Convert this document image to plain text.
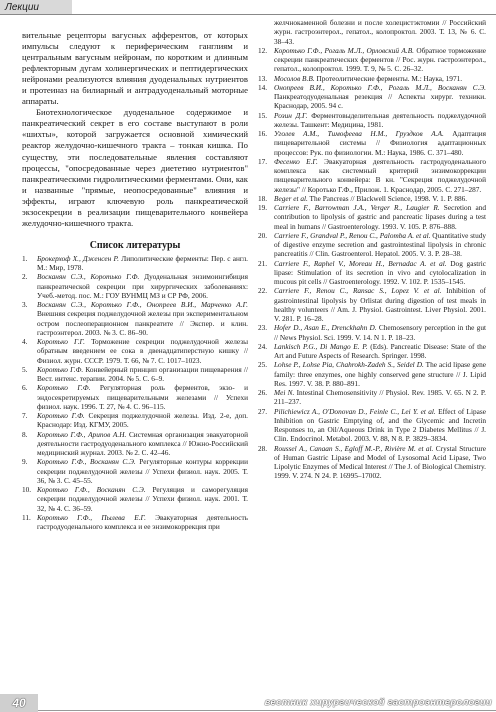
Лекции

вительные рецепторы вагусных афферентов, от которых импульсы следуют к периферическим ганглиям и центральным вагусным нейронам, по коротким и длинным рефлекторным дугам холинергических и пептидергических нейронами реализуются влияния дуоденальных нутриентов и протеиназ на билиарный и антрадуоденальный моторные аппараты.

Биотехнологическое дуоденальное содержимое и панкреатический секрет в его составе выступают в роли «шихты», которой загружается основной химический реактор желудочно-кишечного тракта – тонкая кишка. По существу, эти последовательные явления составляют процессы, "опосредованные через диететию нутриентов" панкреатическими гидролитическими ферментами. Они, как и названные "прямые, неопосредованные" влияния и эффекты, играют ключевую роль панкреатической экзосекреции в реализации пищеварительного конвейера желудочно-кишечного тракта.

Список литературы
1. Брокерхоф Х., Дженсен Р. Липолитические ферменты: Пер. с англ. М.: Мир, 1978.
2. Восканян С.Э., Коротько Г.Ф. Дуоденальная энзимоингибиция панкреатической секреции при хирургических заболеваниях: Учеб.-метод. пос. М.: ГОУ ВУНМЦ МЗ и СР РФ, 2006.
3. Восканян С.Э., Коротько Г.Ф., Онопреев В.И., Марченко А.Г. Внешняя секреция поджелудочной железы при экспериментальном остром послеоперационном панкреатите // Экспер. и клин. гастроэнтерол. 2003. № 3. С. 86–90.
4. Коротько Г.Г. Торможение секреции поджелудочной железы обратным введением ее сока в двенадцатиперстную кишку // Физиол. журн. СССР. 1979. Т. 66, № 7. С. 1017–1023.
5. Коротько Г.Ф. Конвейерный принцип организации пищеварения // Вест. интенс. терапии. 2004. № 5. С. 6–9.
6. Коротько Г.Ф. Регуляторная роль ферментов, экзо- и эндосекретируемых пищеварительными железами // Успехи физиол. наук. 1996. Т. 27, № 4. С. 96–115.
7. Коротько Г.Ф. Секреция поджелудочной железы. Изд. 2-е, доп. Краснодар: Изд. КГМУ, 2005.
8. Коротько Г.Ф., Арипов А.Н. Системная организация эвакуаторной деятельности гастродуоденального комплекса // Южно-Российский медицинский журнал. 2003. № 2. С. 42–46.
9. Коротько Г.Ф., Восканян С.Э. Регуляторные контуры коррекции секреции поджелудочной железы // Успехи физиол. наук. 2005. Т. 36, № 3. С. 45–55.
10. Коротько Г.Ф., Восканян С.Э. Регуляция и саморегуляция секреции поджелудочной железы // Успехи физиол. наук. 2001. Т. 32, № 4. С. 36–59.
11. Коротько Г.Ф., Пылева Е.Г. Эвакуаторная деятельность гастродуоденального комплекса и ее энзимокоррекция при
желчнокаменной болезни и после холецистэктомии // Российский журн. гастроэнтерол., гепатол., колопроктол. 2003. Т. 13, № 6. С. 38–43.
12. Коротько Г.Ф., Рогаль М.Л., Орловский А.В. Обратное торможение секреции панкреатических ферментов // Рос. журн. гастроэнтерол., гепатол., колопроктол. 1999. Т. 9, № 5. С. 26–32.
13. Мосолов В.В. Протеолитические ферменты. М.: Наука, 1971.
14. Онопреев В.И., Коротько Г.Ф., Рогаль М.Л., Восканян С.Э. Панкреатодуоденальная резекция // Аспекты хирург. техники. Краснодар, 2005. 94 с.
15. Розин Д.Г. Ферментовыделительная деятельность поджелудочной железы. Ташкент: Медицина, 1981.
16. Уголев А.М., Тимофеева Н.М., Груздков А.А. Адаптация пищеварительной системы // Физиология адаптационных процессов: Рук. по физиологии. М.: Наука, 1986. С. 371–480.
17. Фесенко Е.Г. Эвакуаторная деятельность гастродуоденального комплекса как системный критерий энзимокоррекции пищеварительного конвейера: В кн. "Секреция поджелудочной железы" // Коротько Г.Ф., Прилож. 1. Краснодар, 2005. С. 271–287.
18. Beger et al. The Pancreas // Blackwell Science, 1998. V. 1. P. 886.
19. Carriere F., Barrowman J.A., Verger R., Laugier R. Secretion and contribution to lipolysis of gastric and pancreatic lipases during a test meal in humans // Gastroenterology. 1993. V. 105. P. 876–888.
20. Carriere F., Grandval P., Renou C., Palomba A. et al. Quantitative study of digestive enzyme secretion and gastrointestinal lipolysis in chronic pancreatitis // Clin. Gastroenterol. Hepatol. 2005. V. 3. P. 28–38.
21. Carriere F., Raphel V., Moreau H., Bernadac A. et al. Dog gastric lipase: Stimulation of its secretion in vivo and cytolocalization in mucous pit cells // Gastroenterology. 1992. V. 102. P. 1535–1545.
22. Carriere F., Renou C., Ransac S., Lopez V. et al. Inhibition of gastrointestinal lipolysis by Orlistat during digestion of test meals in healthy volunteers // Am. J. Physiol. Gastrointest. Liver Physiol. 2001. V. 281. P. 16–28.
23. Hofer D., Asan E., Drenckhahn D. Chemosensory perception in the gut // News Physiol. Sci. 1999. V. 14. N 1. P. 18–23.
24. Lankisch P.G., Di Mango E. P. (Eds). Pancreatic Disease: State of the Art and Future Aspects of Research. Springer. 1998.
25. Lohse P., Lohse Pia, Chahrokh-Zadeh S., Seidel D. The acid lipase gene family: three enzymes, one highly conserved gene structure // J. Lipid Res. 1997. V. 38. P. 880–891.
26. Mei N. Intestinal Chemosensitivity // Physiol. Rev. 1985. V. 65. N 2. P. 211–237.
27. Pilichiewicz A., O'Donovan D., Feinle C., Lei Y. et al. Effect of Lipase Inhibition on Gastric Emptying of, and the Glycemic and Incretin Responses to, an Oil/Aqueous Drink in Type 2 Diabetes Mellitus // J. Clin. Endocrinol. Metabol. 2003. V. 88, N 8. P. 3829–3834.
28. Roussel A., Canaan S., Egloff M.-P., Rivière M. et al. Crystal Structure of Human Gastric Lipase and Model of Lysosomal Acid Lipase, Two Lipolytic Enzymes of Medical Interest // The J. of Biological Chemistry. 1999. V. 274. N 24. P. 16995–17002.
40	вестник хирургической гастроэнтерологии
